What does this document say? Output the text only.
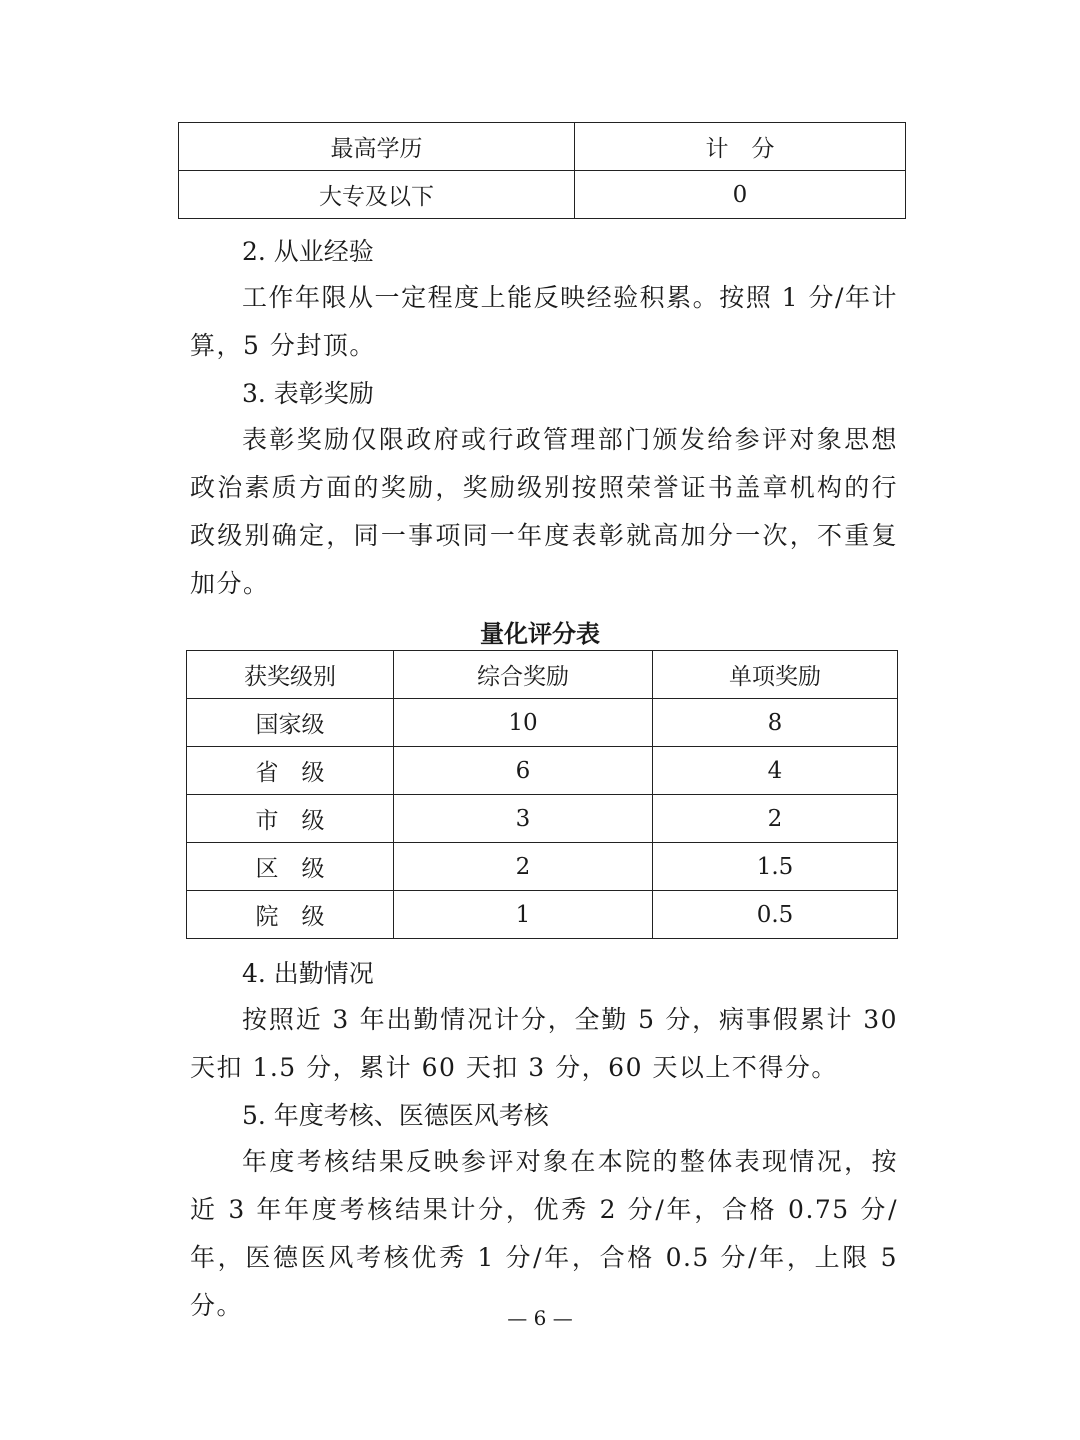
最高学历	计　分
大专及以下	0
2. 从业经验

工作年限从一定程度上能反映经验积累。按照 1 分/年计算，5 分封顶。

3. 表彰奖励

表彰奖励仅限政府或行政管理部门颁发给参评对象思想政治素质方面的奖励，奖励级别按照荣誉证书盖章机构的行政级别确定，同一事项同一年度表彰就高加分一次，不重复加分。

量化评分表
获奖级别	综合奖励	单项奖励
国家级	10	8
省　级	6	4
市　级	3	2
区　级	2	1.5
院　级	1	0.5
4. 出勤情况

按照近 3 年出勤情况计分，全勤 5 分，病事假累计 30 天扣 1.5 分，累计 60 天扣 3 分，60 天以上不得分。

5. 年度考核、医德医风考核

年度考核结果反映参评对象在本院的整体表现情况，按近 3 年年度考核结果计分，优秀 2 分/年，合格 0.75 分/年，医德医风考核优秀 1 分/年，合格 0.5 分/年，上限 5 分。	— 6 —
